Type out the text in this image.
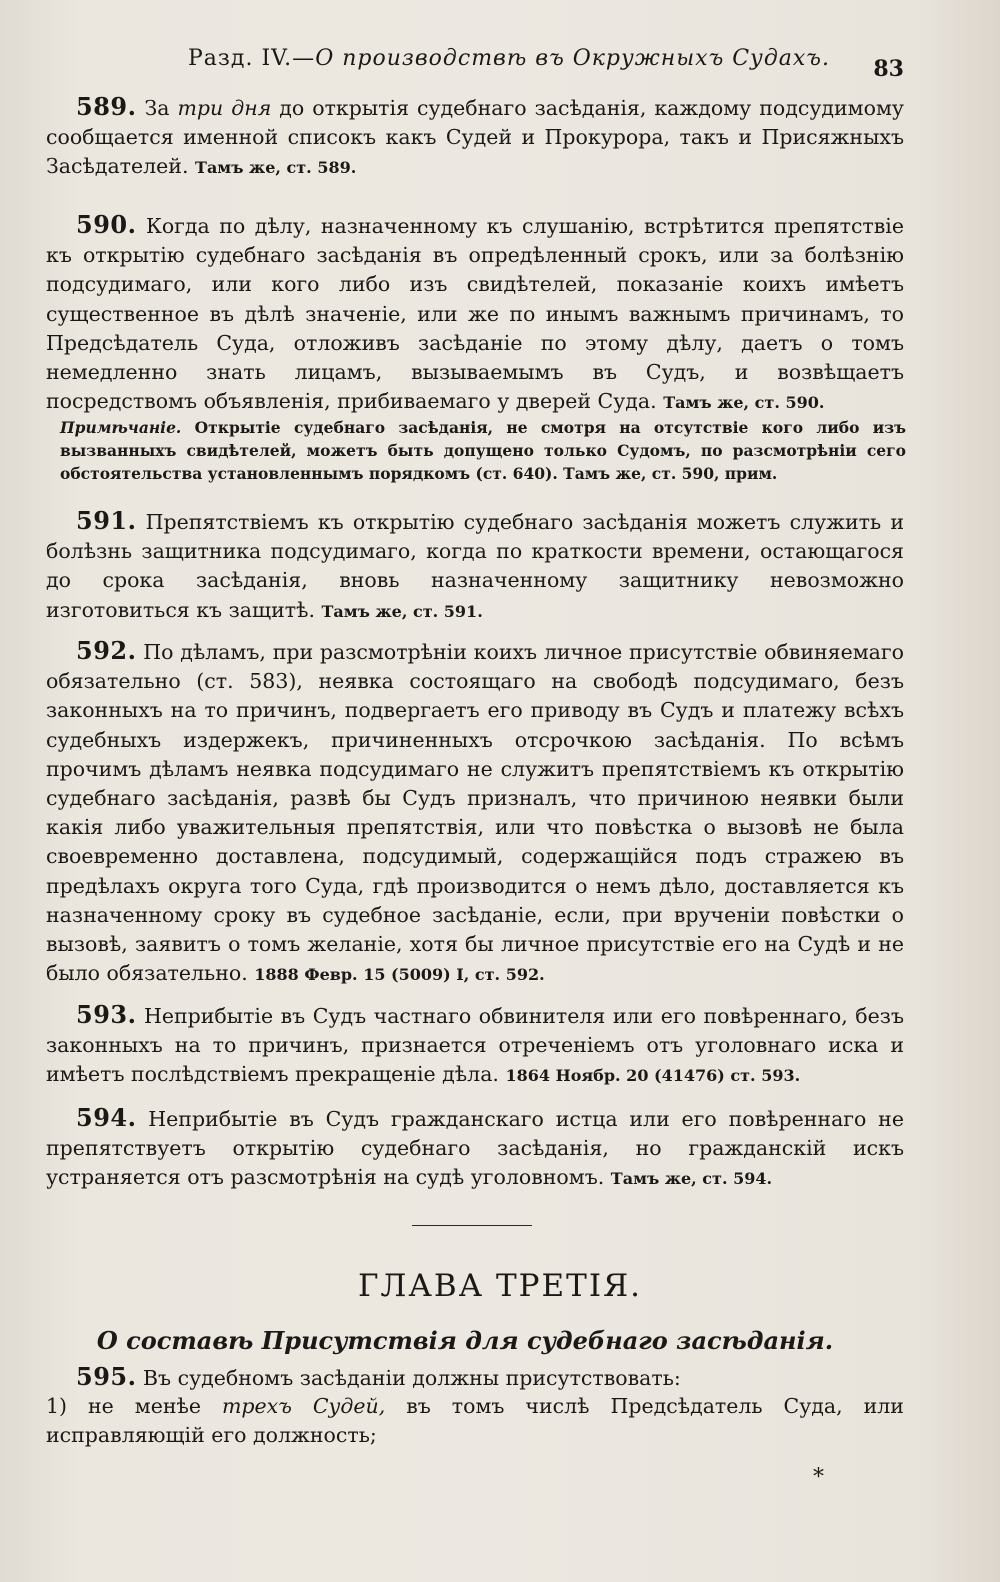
Разд. IV.—О производствѣ въ Окружныхъ Судахъ. 83

589. За три дня до открытія судебнаго засѣданія, каждому подсудимому сообщается именной списокъ какъ Судей и Прокурора, такъ и Присяжныхъ Засѣдателей. Тамъ же, ст. 589.

590. Когда по дѣлу, назначенному къ слушанію, встрѣтится препятствіе къ открытію судебнаго засѣданія въ опредѣленный срокъ, или за болѣзнію подсудимаго, или кого либо изъ свидѣтелей, показаніе коихъ имѣетъ существенное въ дѣлѣ значеніе, или же по инымъ важнымъ причинамъ, то Предсѣдатель Суда, отложивъ засѣданіе по этому дѣлу, даетъ о томъ немедленно знать лицамъ, вызываемымъ въ Судъ, и возвѣщаетъ посредствомъ объявленія, прибиваемаго у дверей Суда. Тамъ же, ст. 590.

Примѣчаніе. Открытіе судебнаго засѣданія, не смотря на отсутствіе кого либо изъ вызванныхъ свидѣтелей, можетъ быть допущено только Судомъ, по разсмотрѣніи сего обстоятельства установленнымъ порядкомъ (ст. 640). Тамъ же, ст. 590, прим.

591. Препятствіемъ къ открытію судебнаго засѣданія можетъ служить и болѣзнь защитника подсудимаго, когда по краткости времени, остающагося до срока засѣданія, вновь назначенному защитнику невозможно изготовиться къ защитѣ. Тамъ же, ст. 591.

592. По дѣламъ, при разсмотрѣніи коихъ личное присутствіе обвиняемаго обязательно (ст. 583), неявка состоящаго на свободѣ подсудимаго, безъ законныхъ на то причинъ, подвергаетъ его приводу въ Судъ и платежу всѣхъ судебныхъ издержекъ, причиненныхъ отсрочкою засѣданія. По всѣмъ прочимъ дѣламъ неявка подсудимаго не служитъ препятствіемъ къ открытію судебнаго засѣданія, развѣ бы Судъ призналъ, что причиною неявки были какія либо уважительныя препятствія, или что повѣстка о вызовѣ не была своевременно доставлена, подсудимый, содержащійся подъ стражею въ предѣлахъ округа того Суда, гдѣ производится о немъ дѣло, доставляется къ назначенному сроку въ судебное засѣданіе, если, при врученіи повѣстки о вызовѣ, заявитъ о томъ желаніе, хотя бы личное присутствіе его на Судѣ и не было обязательно. 1888 Февр. 15 (5009) I, ст. 592.

593. Неприбытіе въ Судъ частнаго обвинителя или его повѣреннаго, безъ законныхъ на то причинъ, признается отреченіемъ отъ уголовнаго иска и имѣетъ послѣдствіемъ прекращеніе дѣла. 1864 Ноябр. 20 (41476) ст. 593.

594. Неприбытіе въ Судъ гражданскаго истца или его повѣреннаго не препятствуетъ открытію судебнаго засѣданія, но гражданскій искъ устраняется отъ разсмотрѣнія на судѣ уголовномъ. Тамъ же, ст. 594.

ГЛАВА ТРЕТІЯ.
О составѣ Присутствія для судебнаго засѣданія.

595. Въ судебномъ засѣданіи должны присутствовать:

1) не менѣе трехъ Судей, въ томъ числѣ Предсѣдатель Суда, или исправляющій его должность;

*
